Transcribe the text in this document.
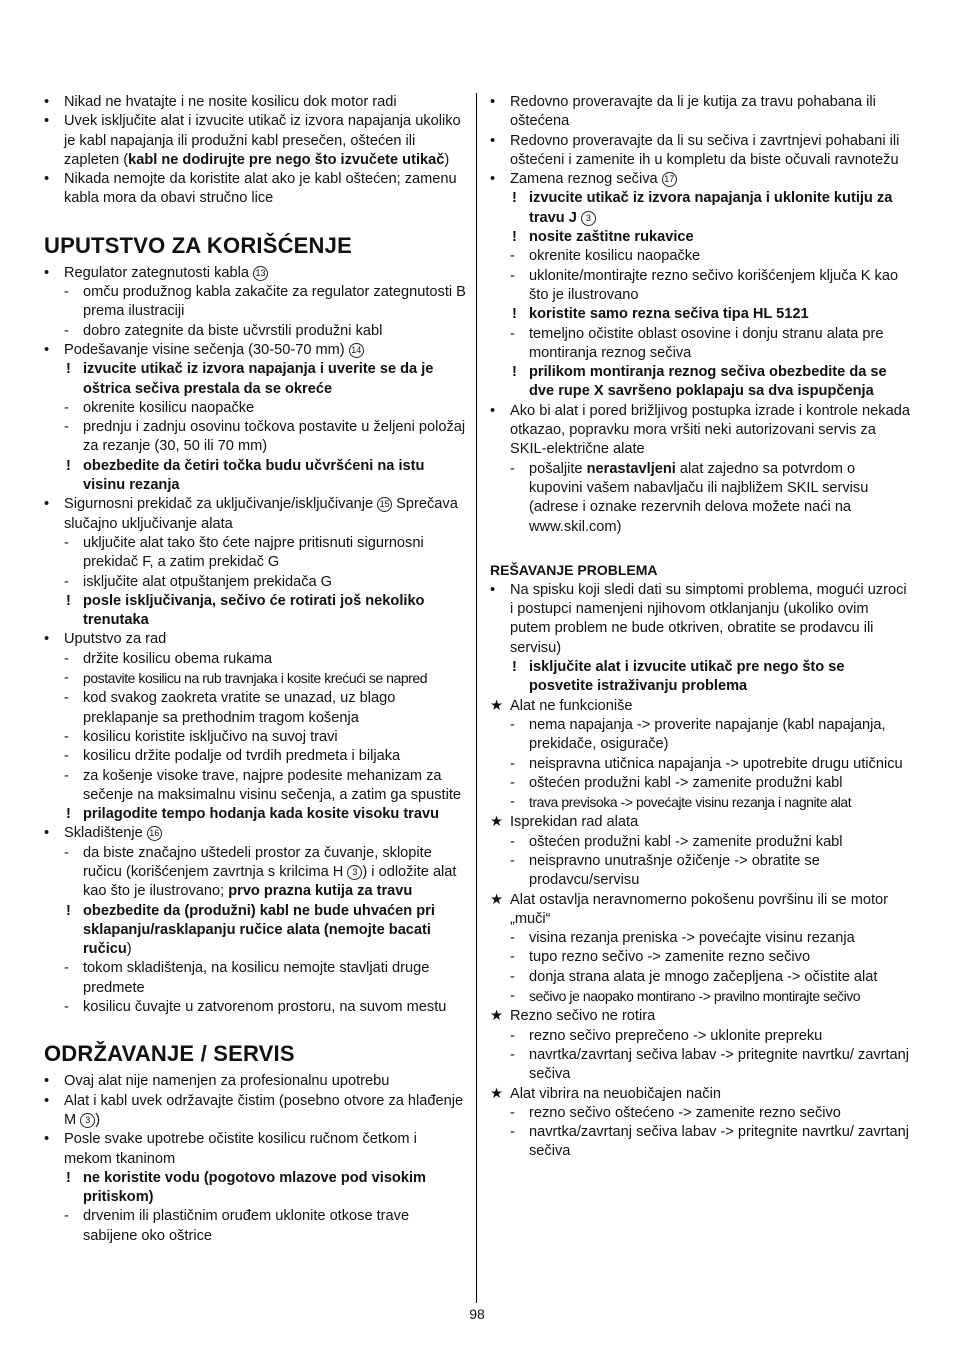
• Nikad ne hvatajte i ne nosite kosilicu dok motor radi
• Uvek isključite alat i izvucite utikač iz izvora napajanja ukoliko je kabl napajanja ili produžni kabl presečen, oštećen ili zapleten (kabl ne dodirujte pre nego što izvučete utikač)
• Nikada nemojte da koristite alat ako je kabl oštećen; zamenu kabla mora da obavi stručno lice
UPUTSTVO ZA KORIŠĆENJE
• Regulator zategnutosti kabla 13
- omču produžnog kabla zakačite za regulator zategnutosti B prema ilustraciji
- dobro zategnite da biste učvrstili produžni kabl
• Podešavanje visine sečenja (30-50-70 mm) 14
! izvucite utikač iz izvora napajanja i uverite se da je oštrica sečiva prestala da se okreće
- okrenite kosilicu naopačke
- prednju i zadnju osovinu točkova postavite u željeni položaj za rezanje (30, 50 ili 70 mm)
! obezbedite da četiri točka budu učvršćeni na istu visinu rezanja
• Sigurnosni prekidač za uključivanje/isključivanje 15 Sprečava slučajno uključivanje alata
- uključite alat tako što ćete najpre pritisnuti sigurnosni prekidač F, a zatim prekidač G
- isključite alat otpuštanjem prekidača G
! posle isključivanja, sečivo će rotirati još nekoliko trenutaka
• Uputstvo za rad
- držite kosilicu obema rukama
- postavite kosilicu na rub travnjaka i kosite krećući se napred
- kod svakog zaokreta vratite se unazad, uz blago preklapanje sa prethodnim tragom košenja
- kosilicu koristite isključivo na suvoj travi
- kosilicu držite podalje od tvrdih predmeta i biljaka
- za košenje visoke trave, najpre podesite mehanizam za sečenje na maksimalnu visinu sečenja, a zatim ga spustite
! prilagodite tempo hodanja kada kosite visoku travu
• Skladištenje 16
- da biste značajno uštedeli prostor za čuvanje, sklopite ručicu (korišćenjem zavrtnja s krilcima H 3 ) i odložite alat kao što je ilustrovano; prvo prazna kutija za travu
! obezbedite da (produžni) kabl ne bude uhvaćen pri sklapanju/rasklapanju ručice alata (nemojte bacati ručicu)
- tokom skladištenja, na kosilicu nemojte stavljati druge predmete
- kosilicu čuvajte u zatvorenom prostoru, na suvom mestu
ODRŽAVANJE / SERVIS
• Ovaj alat nije namenjen za profesionalnu upotrebu
• Alat i kabl uvek održavajte čistim (posebno otvore za hlađenje M 3 )
• Posle svake upotrebe očistite kosilicu ručnom četkom i mekom tkaninom
! ne koristite vodu (pogotovo mlazove pod visokim pritiskom)
- drvenim ili plastičnim oruđem uklonite otkose trave sabijene oko oštrice
• Redovno proveravajte da li je kutija za travu pohabana ili oštećena
• Redovno proveravajte da li su sečiva i zavrtnjevi pohabani ili oštećeni i zamenite ih u kompletu da biste očuvali ravnotežu
• Zamena reznog sečiva 17
! izvucite utikač iz izvora napajanja i uklonite kutiju za travu J 3
! nosite zaštitne rukavice
- okrenite kosilicu naopačke
- uklonite/montirajte rezno sečivo korišćenjem ključa K kao što je ilustrovano
! koristite samo rezna sečiva tipa HL 5121
- temeljno očistite oblast osovine i donju stranu alata pre montiranja reznog sečiva
! prilikom montiranja reznog sečiva obezbedite da se dve rupe X savršeno poklapaju sa dva ispupčenja
• Ako bi alat i pored brižljivog postupka izrade i kontrole nekada otkazao, popravku mora vršiti neki autorizovani servis za SKIL-električne alate
- pošaljite nerastavljeni alat zajedno sa potvrdom o kupovini vašem nabavljaču ili najbližem SKIL servisu (adrese i oznake rezervnih delova možete naći na www.skil.com)
REŠAVANJE PROBLEMA
• Na spisku koji sledi dati su simptomi problema, mogući uzroci i postupci namenjeni njihovom otklanjanju (ukoliko ovim putem problem ne bude otkriven, obratite se prodavcu ili servisu)
! isključite alat i izvucite utikač pre nego što se posvetite istraživanju problema
★ Alat ne funkcioniše
- nema napajanja -> proverite napajanje (kabl napajanja, prekidače, osigurače)
- neispravna utičnica napajanja -> upotrebite drugu utičnicu
- oštećen produžni kabl -> zamenite produžni kabl
- trava previsoka -> povećajte visinu rezanja i nagnite alat
★ Isprekidan rad alata
- oštećen produžni kabl -> zamenite produžni kabl
- neispravno unutrašnje ožičenje -> obratite se prodavcu/servisu
★ Alat ostavlja neravnomerno pokošenu površinu ili se motor „muči“
- visina rezanja preniska -> povećajte visinu rezanja
- tupo rezno sečivo -> zamenite rezno sečivo
- donja strana alata je mnogo začepljena -> očistite alat
- sečivo je naopako montirano -> pravilno montirajte sečivo
★ Rezno sečivo ne rotira
- rezno sečivo preprečeno -> uklonite prepreku
- navrtka/zavrtanj sečiva labav -> pritegnite navrtku/ zavrtanj sečiva
★ Alat vibrira na neuobičajen način
- rezno sečivo oštećeno -> zamenite rezno sečivo
- navrtka/zavrtanj sečiva labav -> pritegnite navrtku/ zavrtanj sečiva
98
